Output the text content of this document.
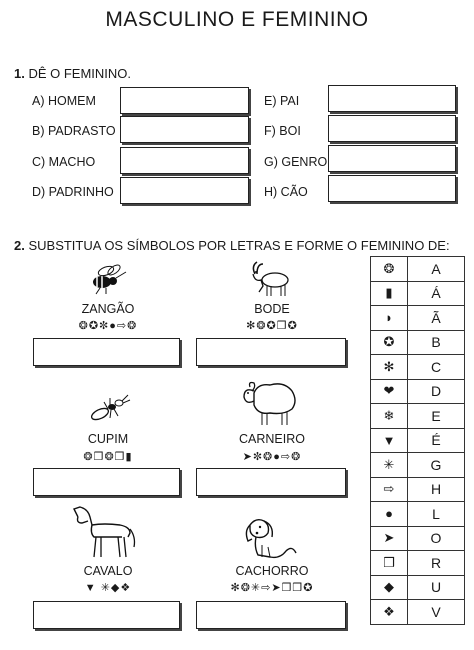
MASCULINO E FEMININO
1. DÊ O FEMININO.
A) HOMEM
B) PADRASTO
C) MACHO
D) PADRINHO
E) PAI
F) BOI
G) GENRO
H) CÃO
2. SUBSTITUA OS SÍMBOLOS POR LETRAS E FORME O FEMININO DE:
ZANGÃO
❂✪✼●⇨❂
BODE
✻❂✪❒✪
CUPIM
❂❒❂❒▮
CARNEIRO
➤✼❂●⇨❂
CAVALO
▼ ✳◆❖
CACHORRO
✻❂✳⇨➤❒❒✪
❂	A
▮	Á
◗	Ã
✪	B
✻	C
❤	D
❄	E
▼	É
✳	G
⇨	H
●	L
➤	O
❒	R
◆	U
❖	V
